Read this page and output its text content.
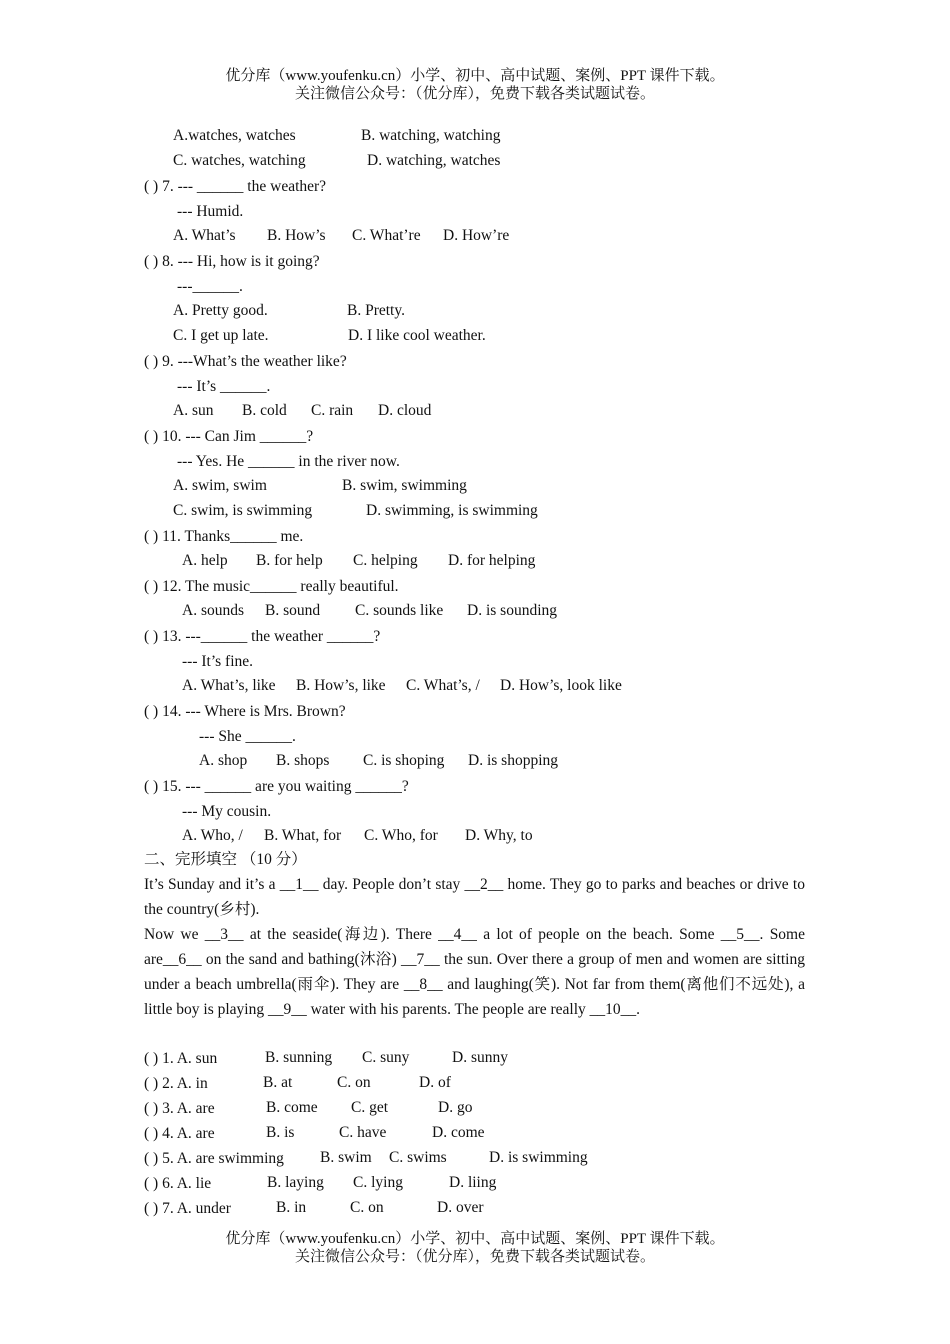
优分库（www.youfenku.cn）小学、初中、高中试题、案例、PPT 课件下载。
关注微信公众号：（优分库），免费下载各类试题试卷。
A.watches, watches	B. watching, watching
C. watches, watching	D. watching, watches
( ) 7. --- ______ the weather?
--- Humid.
A. What’s B. How’s C. What’re D. How’re
( ) 8. --- Hi, how is it going?
---______.
A. Pretty good.	B. Pretty.
C. I get up late.	D. I like cool weather.
( ) 9. ---What’s the weather like?
--- It’s ______.
A. sun B. cold C. rain D. cloud
( ) 10. --- Can Jim ______?
--- Yes. He ______ in the river now.
A. swim, swim	B. swim, swimming
C. swim, is swimming	D. swimming, is swimming
( ) 11. Thanks______ me.
A. help B. for help C. helping D. for helping
( ) 12. The music______ really beautiful.
A. sounds B. sound C. sounds like D. is sounding
( ) 13. ---______ the weather ______?
--- It’s fine.
A. What’s, like B. How’s, like C. What’s, / D. How’s, look like
( ) 14. --- Where is Mrs. Brown?
--- She ______.
A. shop B. shops C. is shoping D. is shopping
( ) 15. --- ______ are you waiting ______?
--- My cousin.
A. Who, / B. What, for C. Who, for D. Why, to
二、完形填空 （10 分）
It’s Sunday and it’s a __1__ day. People don’t stay __2__ home. They go to parks and beaches or drive to the country(乡村).
Now we __3__ at the seaside(海边). There __4__ a lot of people on the beach. Some __5__. Some are__6__ on the sand and bathing(沐浴) __7__ the sun. Over there a group of men and women are sitting under a beach umbrella(雨伞). They are __8__ and laughing(笑). Not far from them(离他们不远处), a little boy is playing __9__ water with his parents. The people are really __10__.
( ) 1. A. sun	B. sunning C. suny	D. sunny
( ) 2. A. in	B. at	C. on	D. of
( ) 3. A. are	B. come C. get	D. go
( ) 4. A. are	B. is	C. have	D. come
( ) 5. A. are swimming B. swim C. swims	D. is swimming
( ) 6. A. lie	B. laying C. lying	D. liing
( ) 7. A. under	B. in	C. on	D. over
优分库（www.youfenku.cn）小学、初中、高中试题、案例、PPT 课件下载。
关注微信公众号：（优分库），免费下载各类试题试卷。
